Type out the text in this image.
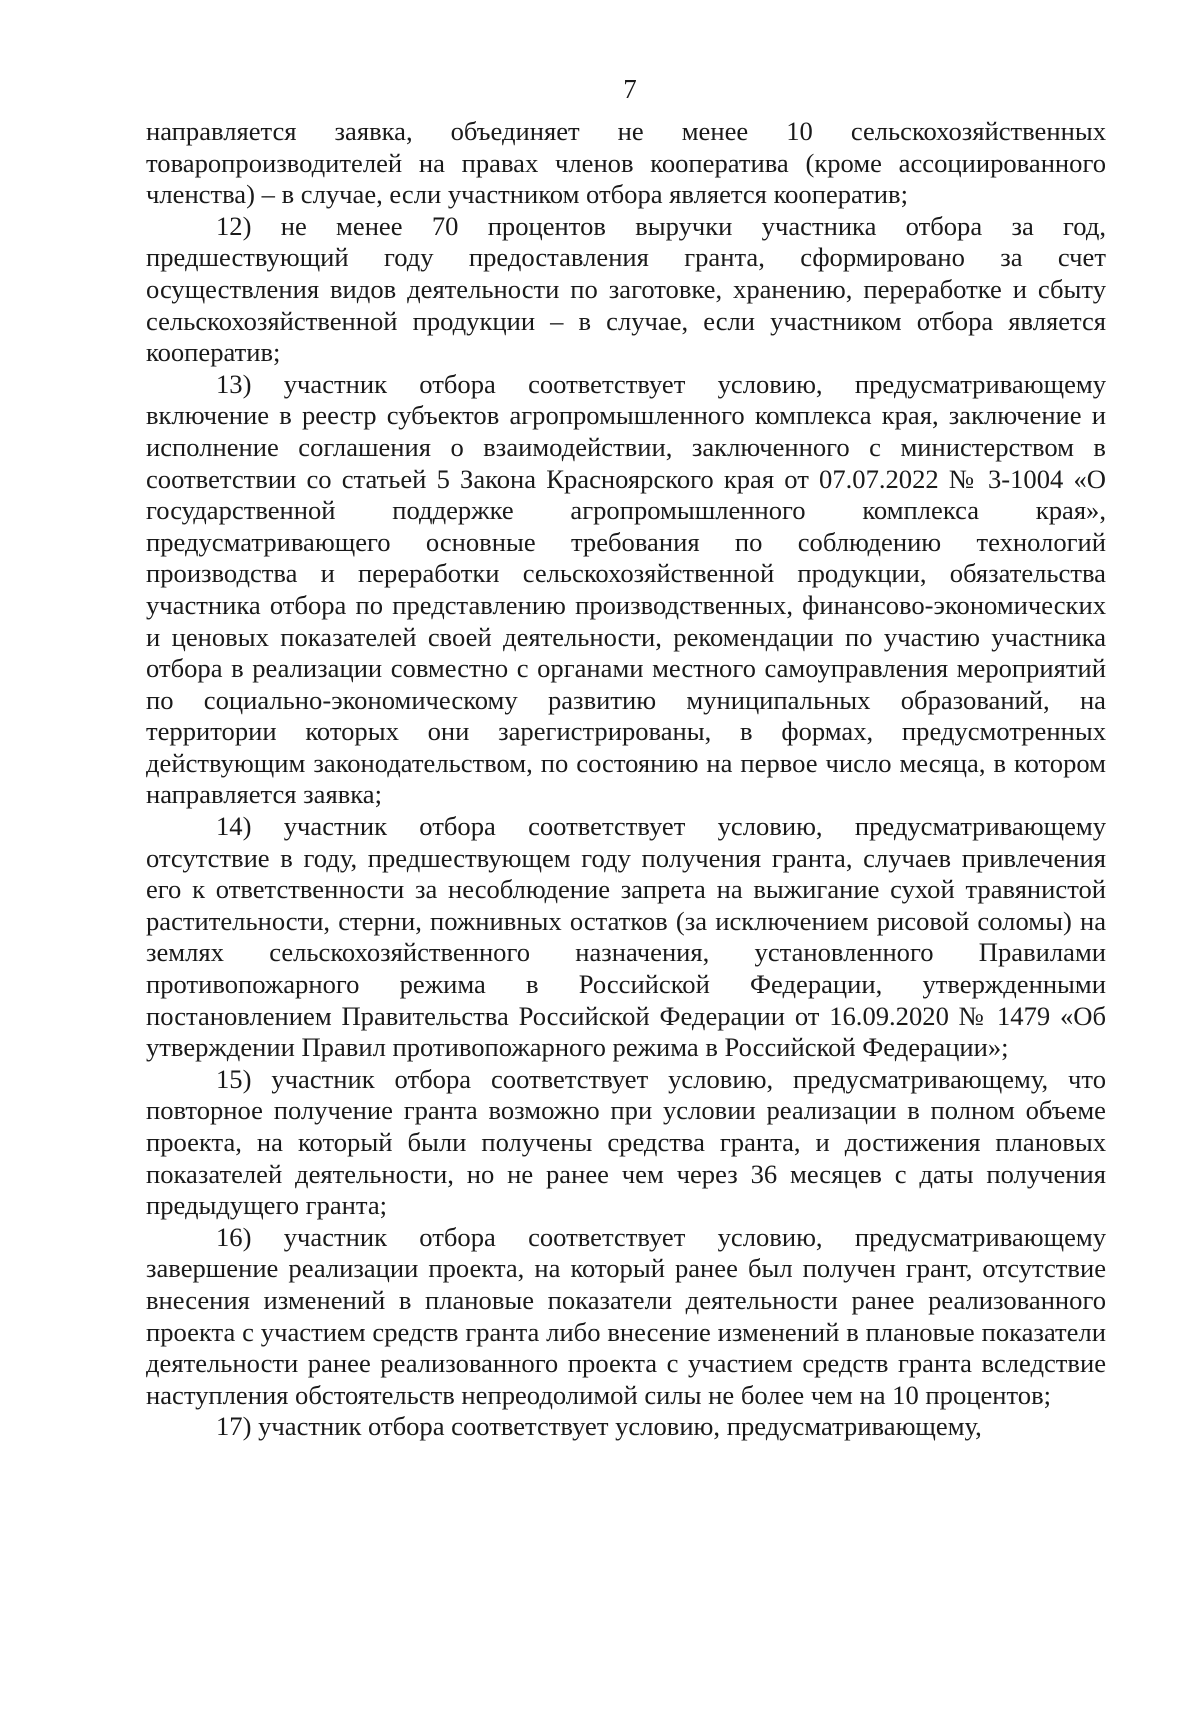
7

направляется заявка, объединяет не менее 10 сельскохозяйственных товаропроизводителей на правах членов кооператива (кроме ассоциированного членства) – в случае, если участником отбора является кооператив;

12) не менее 70 процентов выручки участника отбора за год, предшествующий году предоставления гранта, сформировано за счет осуществления видов деятельности по заготовке, хранению, переработке и сбыту сельскохозяйственной продукции – в случае, если участником отбора является кооператив;

13) участник отбора соответствует условию, предусматривающему включение в реестр субъектов агропромышленного комплекса края, заключение и исполнение соглашения о взаимодействии, заключенного с министерством в соответствии со статьей 5 Закона Красноярского края от 07.07.2022 № 3-1004 «О государственной поддержке агропромышленного комплекса края», предусматривающего основные требования по соблюдению технологий производства и переработки сельскохозяйственной продукции, обязательства участника отбора по представлению производственных, финансово-экономических и ценовых показателей своей деятельности, рекомендации по участию участника отбора в реализации совместно с органами местного самоуправления мероприятий по социально-экономическому развитию муниципальных образований, на территории которых они зарегистрированы, в формах, предусмотренных действующим законодательством, по состоянию на первое число месяца, в котором направляется заявка;

14) участник отбора соответствует условию, предусматривающему отсутствие в году, предшествующем году получения гранта, случаев привлечения его к ответственности за несоблюдение запрета на выжигание сухой травянистой растительности, стерни, пожнивных остатков (за исключением рисовой соломы) на землях сельскохозяйственного назначения, установленного Правилами противопожарного режима в Российской Федерации, утвержденными постановлением Правительства Российской Федерации от 16.09.2020 № 1479 «Об утверждении Правил противопожарного режима в Российской Федерации»;

15) участник отбора соответствует условию, предусматривающему, что повторное получение гранта возможно при условии реализации в полном объеме проекта, на который были получены средства гранта, и достижения плановых показателей деятельности, но не ранее чем через 36 месяцев с даты получения предыдущего гранта;

16) участник отбора соответствует условию, предусматривающему завершение реализации проекта, на который ранее был получен грант, отсутствие внесения изменений в плановые показатели деятельности ранее реализованного проекта с участием средств гранта либо внесение изменений в плановые показатели деятельности ранее реализованного проекта с участием средств гранта вследствие наступления обстоятельств непреодолимой силы не более чем на 10 процентов;

17) участник отбора соответствует условию, предусматривающему,
